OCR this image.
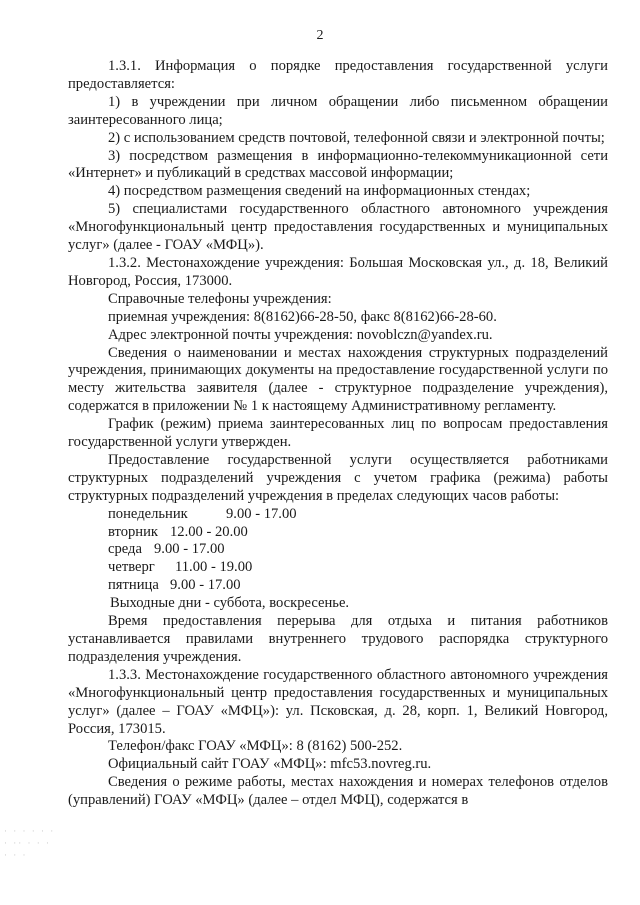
2

1.3.1. Информация о порядке предоставления государственной услуги предоставляется:

1) в учреждении при личном обращении либо письменном обращении заинтересованного лица;

2) с использованием средств почтовой, телефонной связи и электронной почты;

3) посредством размещения в информационно-телекоммуникационной сети «Интернет» и публикаций в средствах массовой информации;

4) посредством размещения сведений на информационных стендах;

5) специалистами государственного областного автономного учреждения «Многофункциональный центр предоставления государственных и муниципальных услуг» (далее - ГОАУ «МФЦ»).

1.3.2. Местонахождение учреждения: Большая Московская ул., д. 18, Великий Новгород, Россия, 173000.

Справочные телефоны учреждения:

приемная учреждения: 8(8162)66-28-50, факс 8(8162)66-28-60.

Адрес электронной почты учреждения: novoblczn@yandex.ru.

Сведения о наименовании и местах нахождения структурных подразделений учреждения, принимающих документы на предоставление государственной услуги по месту жительства заявителя (далее - структурное подразделение учреждения), содержатся в приложении № 1 к настоящему Административному регламенту.

График (режим) приема заинтересованных лиц по вопросам предоставления государственной услуги утвержден.

Предоставление государственной услуги осуществляется работниками структурных подразделений учреждения с учетом графика (режима) работы структурных подразделений учреждения в пределах следующих часов работы:

понедельник	9.00 - 17.00
вторник 12.00 - 20.00
среда 9.00 - 17.00
четверг	11.00 - 19.00
пятница 9.00 - 17.00
Выходные дни - суббота, воскресенье.

Время предоставления перерыва для отдыха и питания работников устанавливается правилами внутреннего трудового распорядка структурного подразделения учреждения.

1.3.3. Местонахождение государственного областного автономного учреждения «Многофункциональный центр предоставления государственных и муниципальных услуг» (далее – ГОАУ «МФЦ»): ул. Псковская, д. 28, корп. 1, Великий Новгород, Россия, 173015.

Телефон/факс ГОАУ «МФЦ»: 8 (8162) 500-252.

Официальный сайт ГОАУ «МФЦ»: mfc53.novreg.ru.

Сведения о режиме работы, местах нахождения и номерах телефонов отделов (управлений) ГОАУ «МФЦ» (далее – отдел МФЦ), содержатся в

· · · · · ·
· ·· · · ·
· · ·
